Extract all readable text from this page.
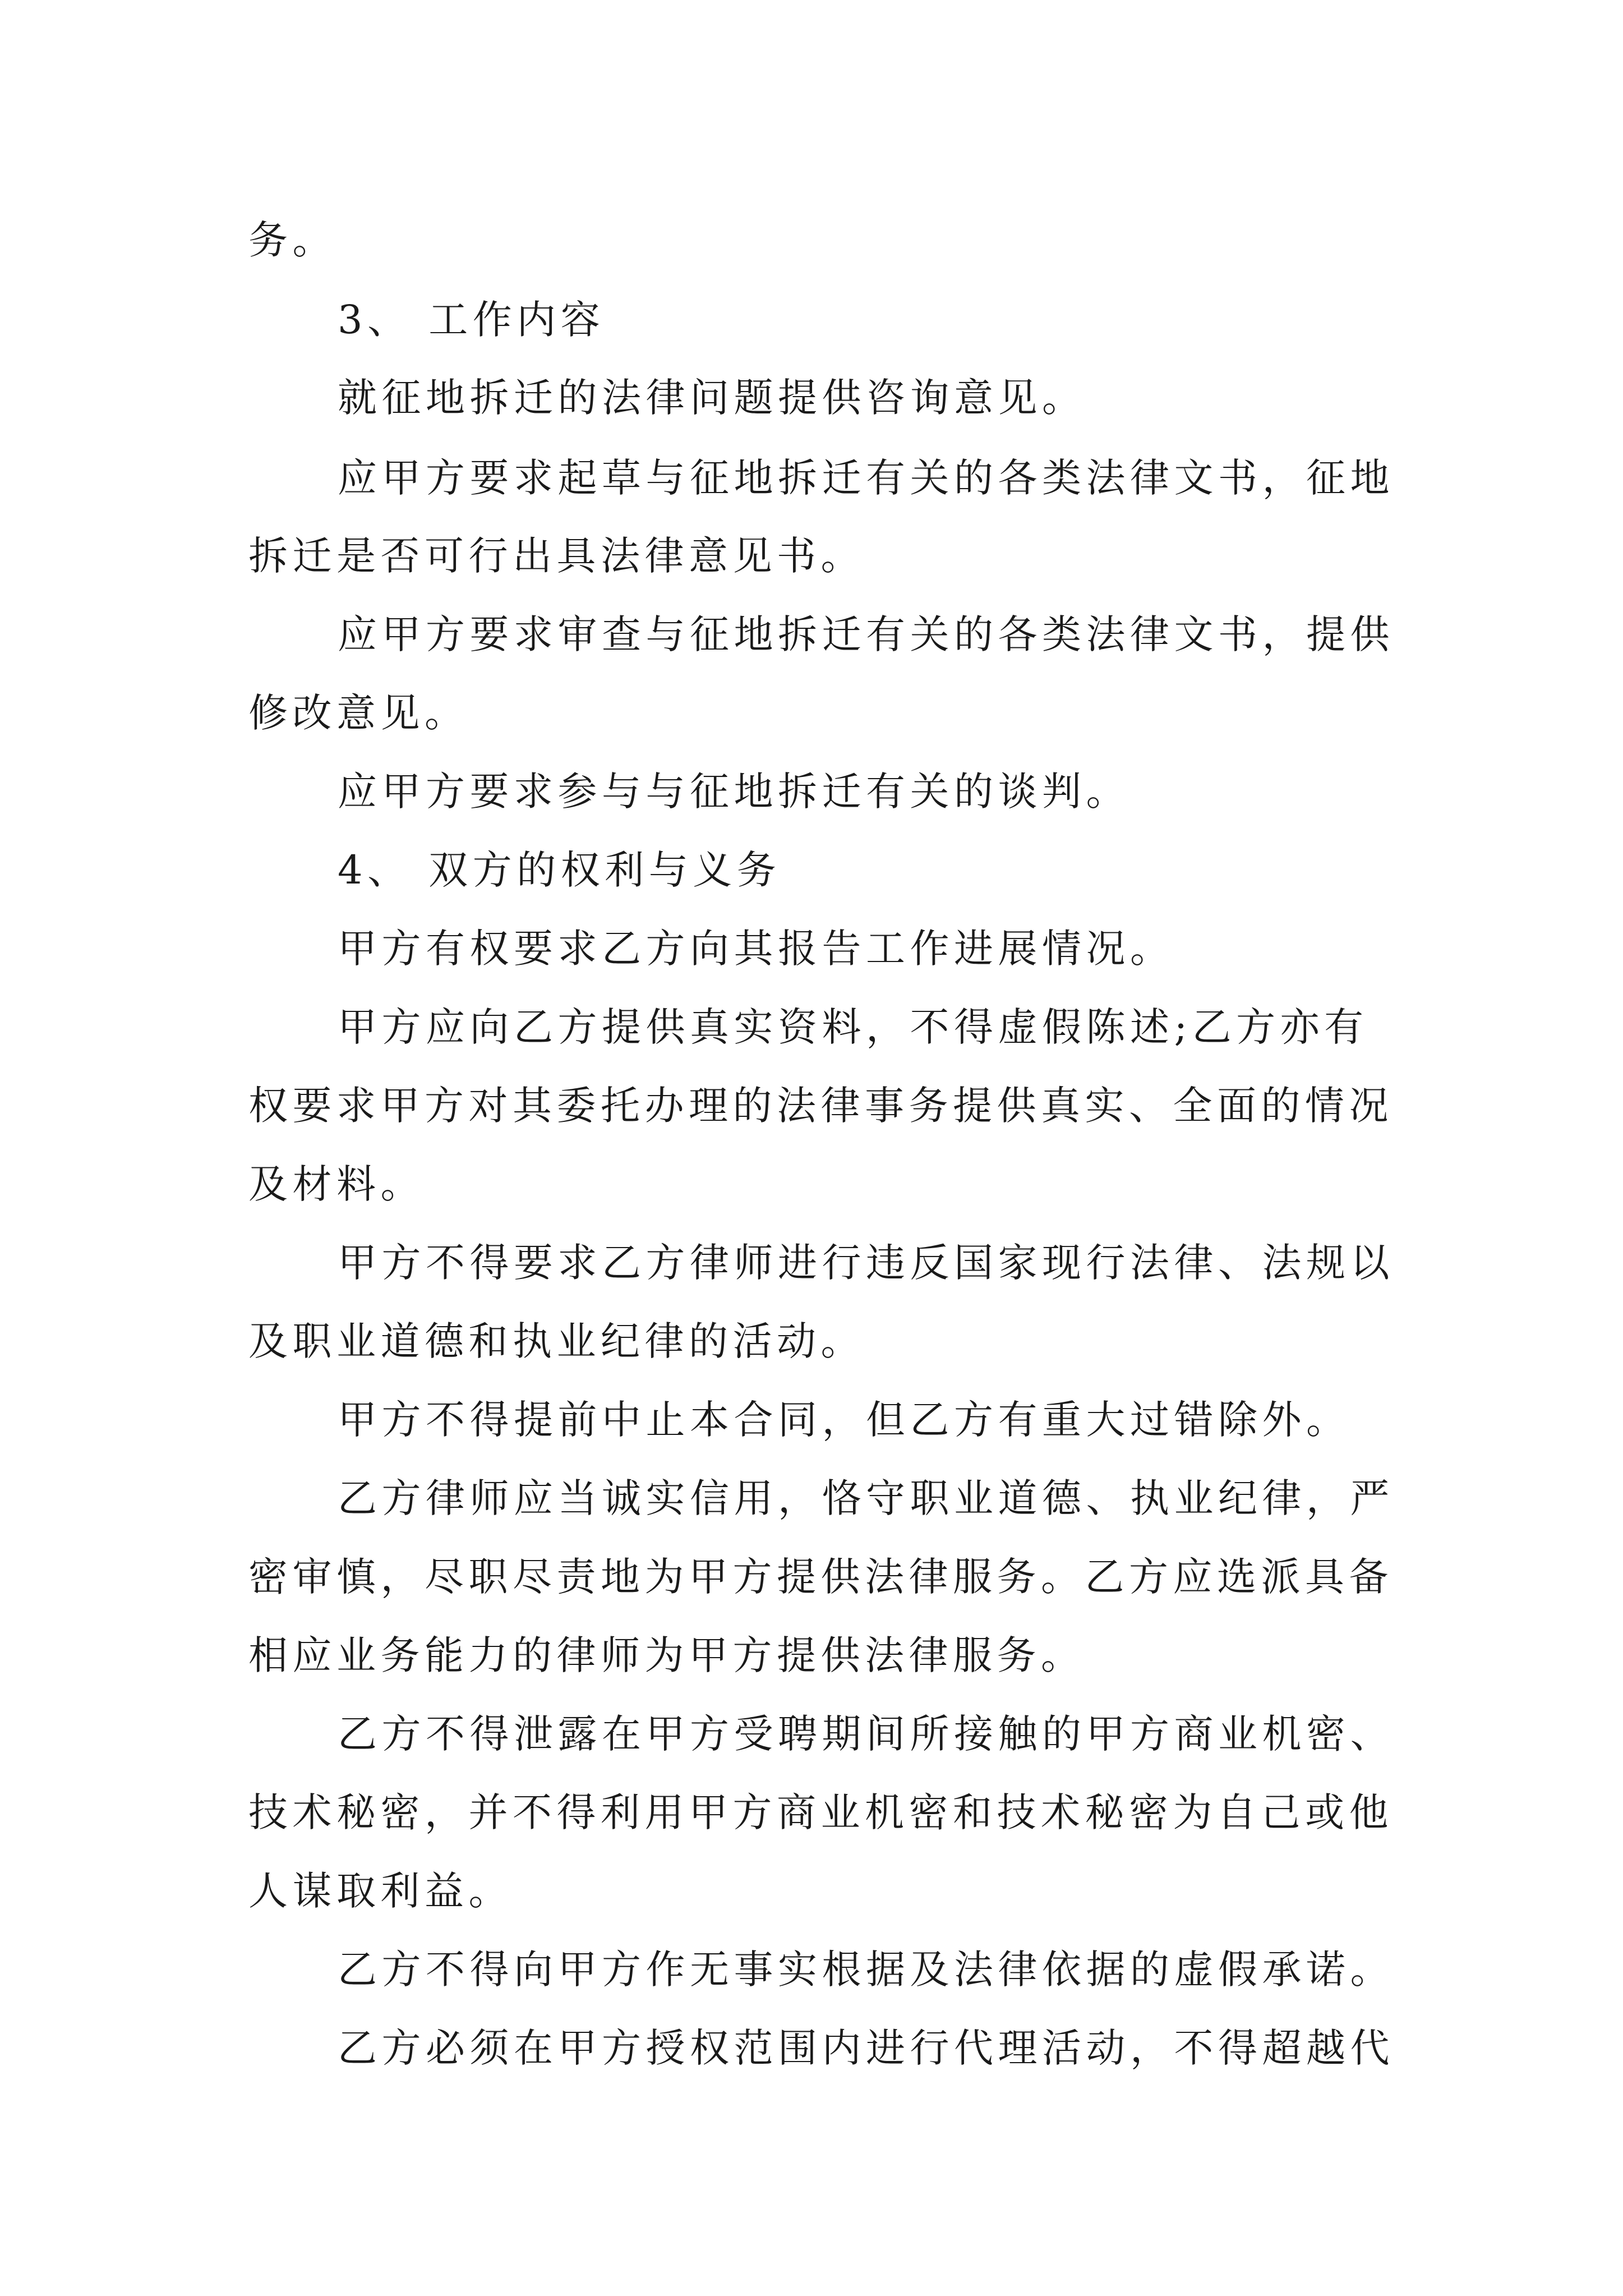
务。
3、 工作内容
就征地拆迁的法律问题提供咨询意见。
应甲方要求起草与征地拆迁有关的各类法律文书，征地
拆迁是否可行出具法律意见书。
应甲方要求审查与征地拆迁有关的各类法律文书，提供
修改意见。
应甲方要求参与与征地拆迁有关的谈判。
4、 双方的权利与义务
甲方有权要求乙方向其报告工作进展情况。
甲方应向乙方提供真实资料，不得虚假陈述;乙方亦有
权要求甲方对其委托办理的法律事务提供真实、全面的情况
及材料。
甲方不得要求乙方律师进行违反国家现行法律、法规以
及职业道德和执业纪律的活动。
甲方不得提前中止本合同，但乙方有重大过错除外。
乙方律师应当诚实信用，恪守职业道德、执业纪律，严
密审慎，尽职尽责地为甲方提供法律服务。乙方应选派具备
相应业务能力的律师为甲方提供法律服务。
乙方不得泄露在甲方受聘期间所接触的甲方商业机密、
技术秘密，并不得利用甲方商业机密和技术秘密为自己或他
人谋取利益。
乙方不得向甲方作无事实根据及法律依据的虚假承诺。
乙方必须在甲方授权范围内进行代理活动，不得超越代
